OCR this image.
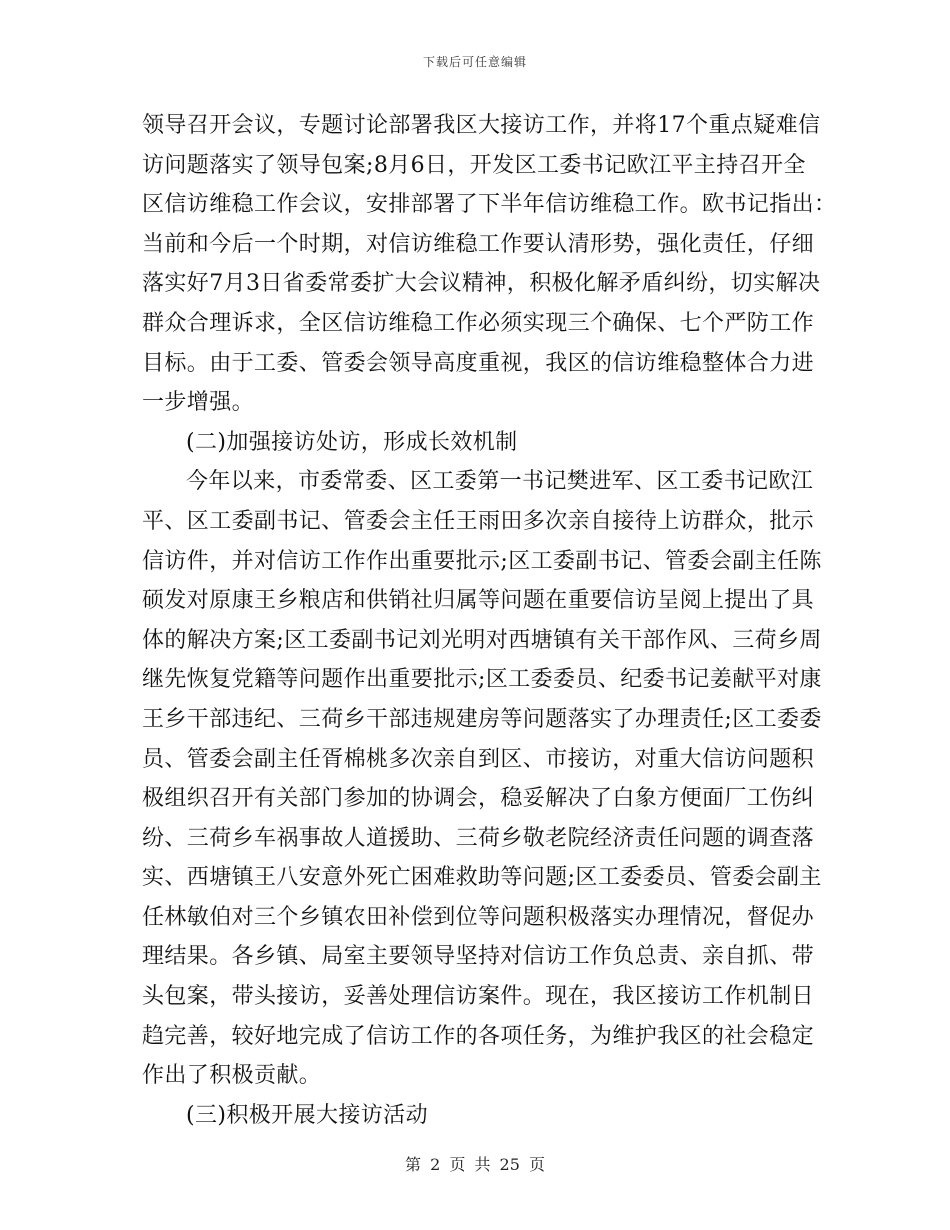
下载后可任意编辑
领导召开会议，专题讨论部署我区大接访工作，并将17个重点疑难信
访问题落实了领导包案;8月6日，开发区工委书记欧江平主持召开全
区信访维稳工作会议，安排部署了下半年信访维稳工作。欧书记指出：
当前和今后一个时期，对信访维稳工作要认清形势，强化责任，仔细
落实好7月3日省委常委扩大会议精神，积极化解矛盾纠纷，切实解决
群众合理诉求，全区信访维稳工作必须实现三个确保、七个严防工作
目标。由于工委、管委会领导高度重视，我区的信访维稳整体合力进
一步增强。
(二)加强接访处访，形成长效机制
今年以来，市委常委、区工委第一书记樊进军、区工委书记欧江
平、区工委副书记、管委会主任王雨田多次亲自接待上访群众，批示
信访件，并对信访工作作出重要批示;区工委副书记、管委会副主任陈
硕发对原康王乡粮店和供销社归属等问题在重要信访呈阅上提出了具
体的解决方案;区工委副书记刘光明对西塘镇有关干部作风、三荷乡周
继先恢复党籍等问题作出重要批示;区工委委员、纪委书记姜献平对康
王乡干部违纪、三荷乡干部违规建房等问题落实了办理责任;区工委委
员、管委会副主任胥棉桃多次亲自到区、市接访，对重大信访问题积
极组织召开有关部门参加的协调会，稳妥解决了白象方便面厂工伤纠
纷、三荷乡车祸事故人道援助、三荷乡敬老院经济责任问题的调查落
实、西塘镇王八安意外死亡困难救助等问题;区工委委员、管委会副主
任林敏伯对三个乡镇农田补偿到位等问题积极落实办理情况，督促办
理结果。各乡镇、局室主要领导坚持对信访工作负总责、亲自抓、带
头包案，带头接访，妥善处理信访案件。现在，我区接访工作机制日
趋完善，较好地完成了信访工作的各项任务，为维护我区的社会稳定
作出了积极贡献。
(三)积极开展大接访活动
第 2 页 共 25 页
